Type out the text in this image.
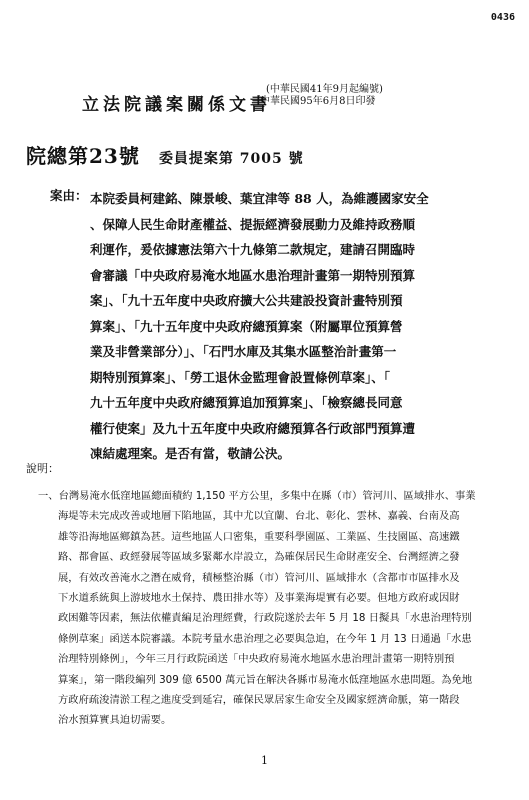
0436
立法院議案關係文書
(中華民國41年9月起編號)
中華民國95年6月8日印發
院總第23號 委員提案第 7005 號
案由： 本院委員柯建銘、陳景峻、葉宜津等 88 人，為維護國家安全
、保障人民生命財產權益、提振經濟發展動力及維持政務順
利運作，爰依據憲法第六十九條第二款規定，建請召開臨時
會審議「中央政府易淹水地區水患治理計畫第一期特別預算
案」、「九十五年度中央政府擴大公共建設投資計畫特別預
算案」、「九十五年度中央政府總預算案（附屬單位預算營
業及非營業部分）」、「石門水庫及其集水區整治計畫第一
期特別預算案」、「勞工退休金監理會設置條例草案」、「
九十五年度中央政府總預算追加預算案」、「檢察總長同意
權行使案」及九十五年度中央政府總預算各行政部門預算遭
凍結處理案。是否有當，敬請公決。
說明：
一、台灣易淹水低窪地區總面積約 1,150 平方公里，多集中在縣（市）管河川、區域排水、事業
海堤等未完成改善或地層下陷地區，其中尤以宜蘭、台北、彰化、雲林、嘉義、台南及高
雄等沿海地區鄉鎮為甚。這些地區人口密集，重要科學園區、工業區、生技園區、高速鐵
路、都會區、政經發展等區域多緊鄰水岸設立，為確保居民生命財產安全、台灣經濟之發
展，有效改善淹水之潛在威脅，積極整治縣（市）管河川、區域排水（含都市市區排水及
下水道系統與上游坡地水土保持、農田排水等）及事業海堤實有必要。但地方政府或因財
政困難等因素，無法依權責編足治理經費，行政院遂於去年 5 月 18 日擬具「水患治理特別
條例草案」函送本院審議。本院考量水患治理之必要與急迫，在今年 1 月 13 日通過「水患
治理特別條例」，今年三月行政院函送「中央政府易淹水地區水患治理計畫第一期特別預
算案」，第一階段編列 309 億 6500 萬元旨在解決各縣市易淹水低窪地區水患問題。為免地
方政府疏浚清淤工程之進度受到延宕，確保民眾居家生命安全及國家經濟命脈，第一階段
治水預算實具迫切需要。
1
